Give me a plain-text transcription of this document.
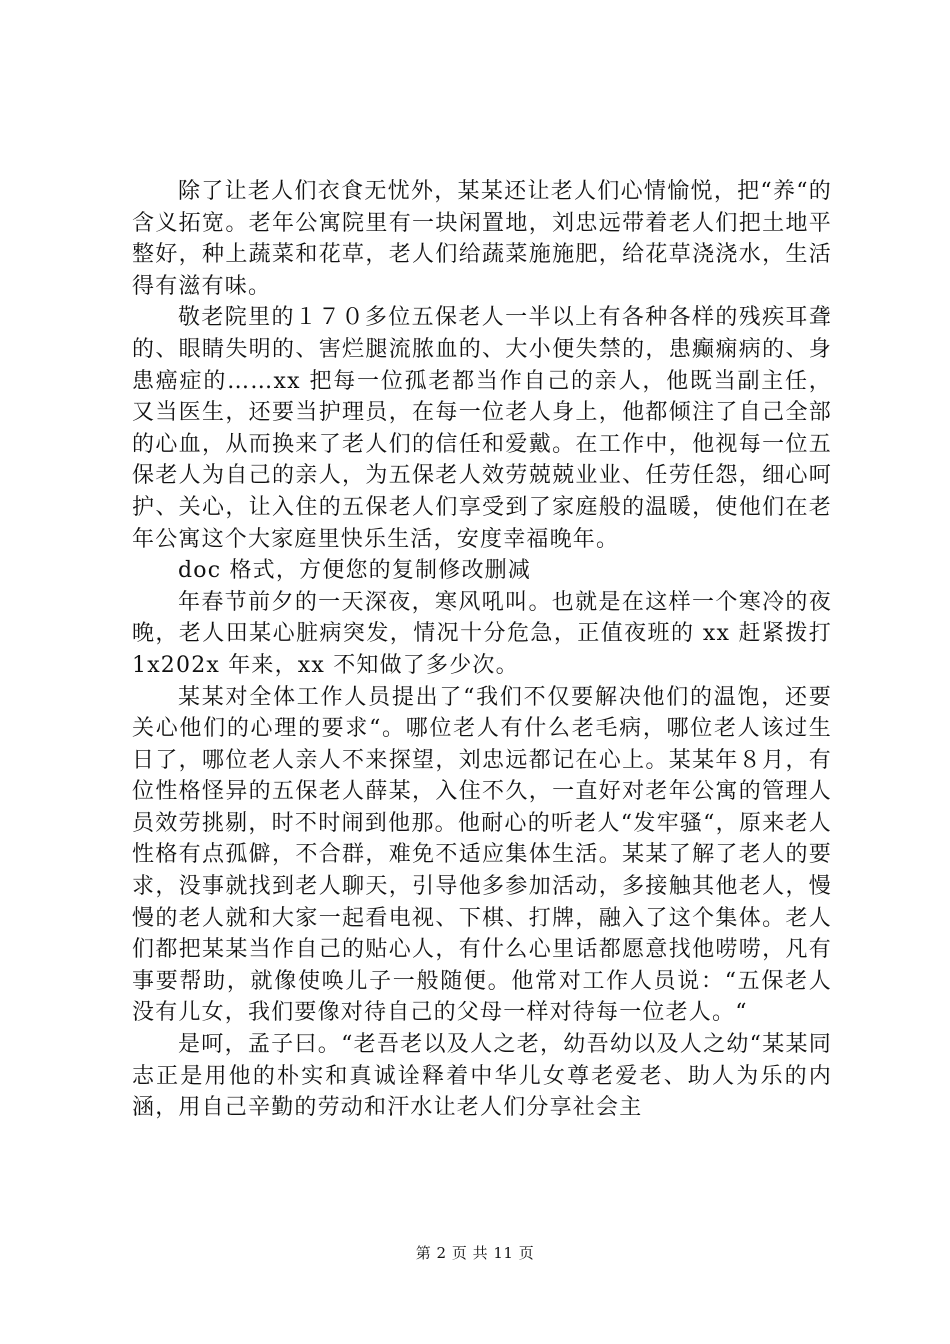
除了让老人们衣食无忧外，某某还让老人们心情愉悦，把“养“的含义拓宽。老年公寓院里有一块闲置地，刘忠远带着老人们把土地平整好，种上蔬菜和花草，老人们给蔬菜施施肥，给花草浇浇水，生活得有滋有味。

敬老院里的１７０多位五保老人一半以上有各种各样的残疾耳聋的、眼睛失明的、害烂腿流脓血的、大小便失禁的，患癫痫病的、身患癌症的……xx 把每一位孤老都当作自己的亲人，他既当副主任，又当医生，还要当护理员，在每一位老人身上，他都倾注了自己全部的心血，从而换来了老人们的信任和爱戴。在工作中，他视每一位五保老人为自己的亲人，为五保老人效劳兢兢业业、任劳任怨，细心呵护、关心，让入住的五保老人们享受到了家庭般的温暖，使他们在老年公寓这个大家庭里快乐生活，安度幸福晚年。

doc 格式，方便您的复制修改删减

年春节前夕的一天深夜，寒风吼叫。也就是在这样一个寒冷的夜晚，老人田某心脏病突发，情况十分危急，正值夜班的 xx 赶紧拨打 1x202x 年来，xx 不知做了多少次。

某某对全体工作人员提出了“我们不仅要解决他们的温饱，还要关心他们的心理的要求“。哪位老人有什么老毛病，哪位老人该过生日了，哪位老人亲人不来探望，刘忠远都记在心上。某某年８月，有位性格怪异的五保老人薛某，入住不久，一直好对老年公寓的管理人员效劳挑剔，时不时闹到他那。他耐心的听老人“发牢骚“，原来老人性格有点孤僻，不合群，难免不适应集体生活。某某了解了老人的要求，没事就找到老人聊天，引导他多参加活动，多接触其他老人，慢慢的老人就和大家一起看电视、下棋、打牌，融入了这个集体。老人们都把某某当作自己的贴心人，有什么心里话都愿意找他唠唠，凡有事要帮助，就像使唤儿子一般随便。他常对工作人员说：“五保老人没有儿女，我们要像对待自己的父母一样对待每一位老人。“

是呵，孟子曰。“老吾老以及人之老，幼吾幼以及人之幼“某某同志正是用他的朴实和真诚诠释着中华儿女尊老爱老、助人为乐的内涵，用自己辛勤的劳动和汗水让老人们分享社会主

第 2 页 共 11 页
